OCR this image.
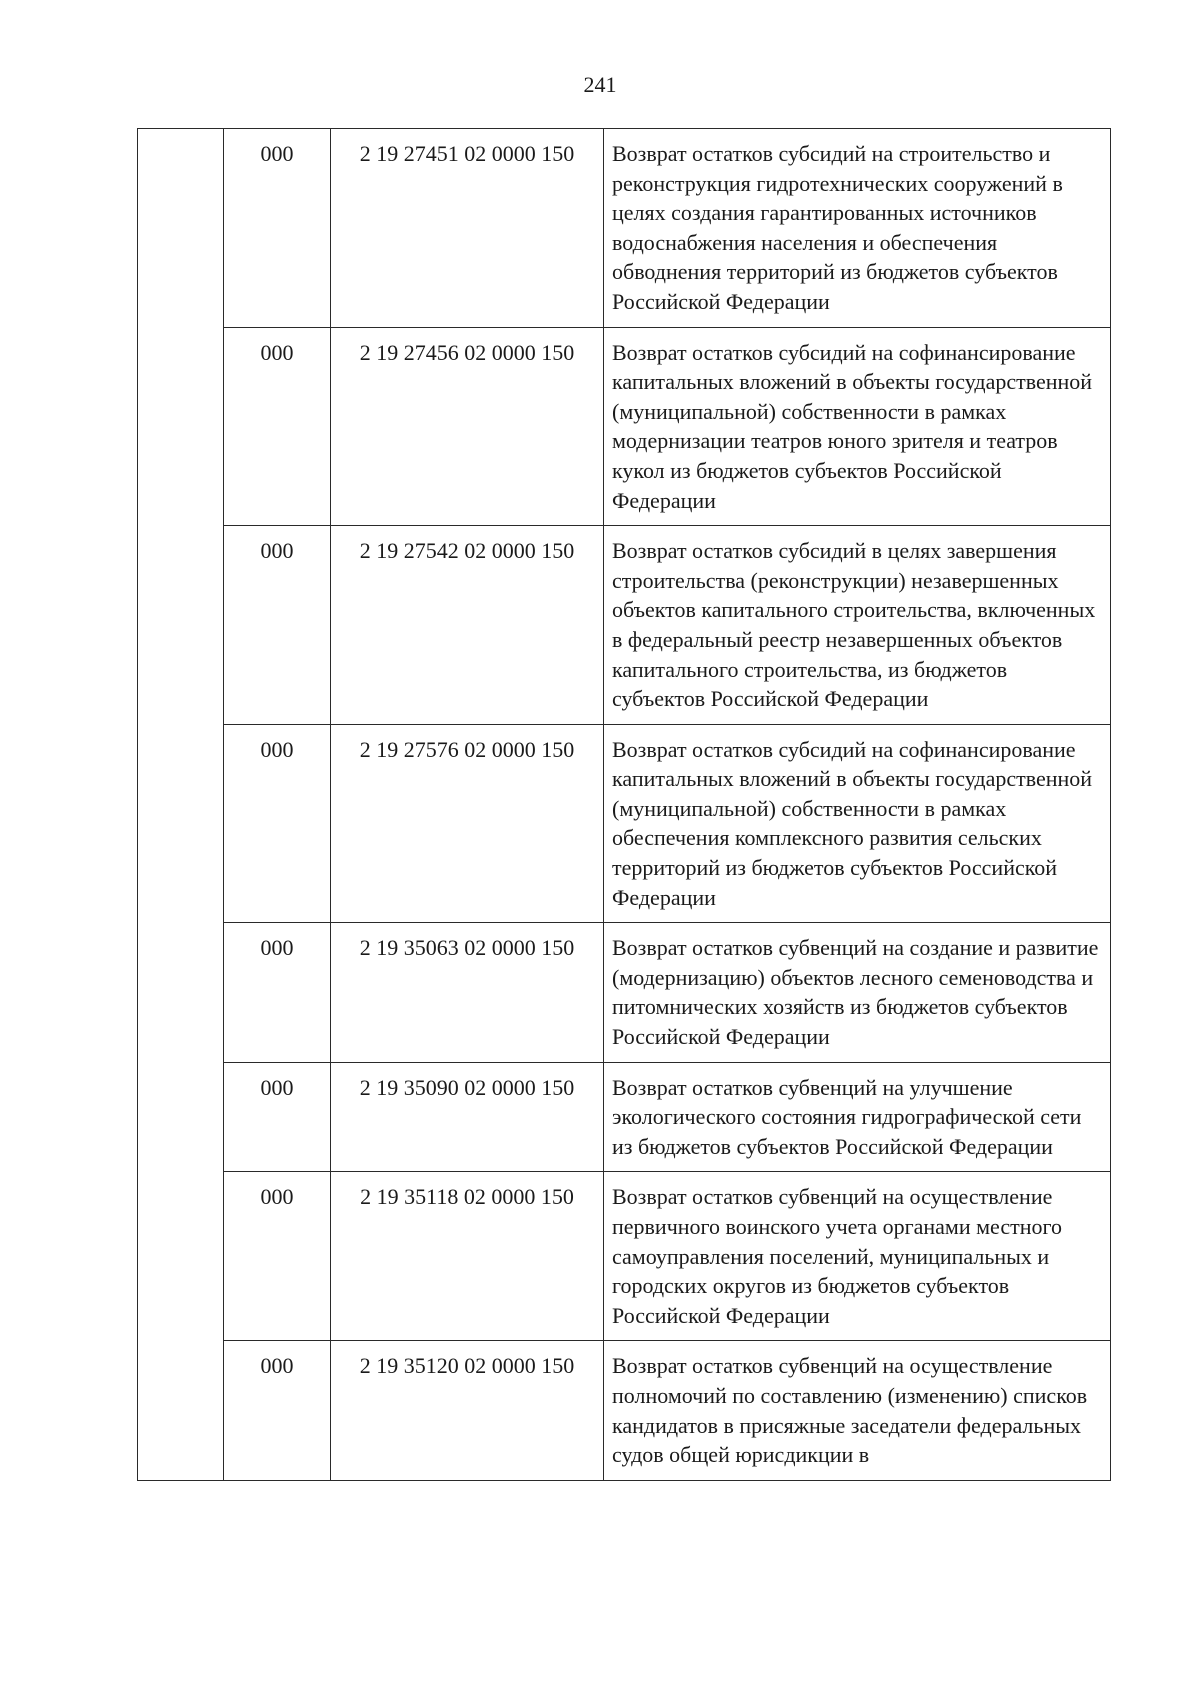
241
	000	2 19 27451 02 0000 150	Возврат остатков субсидий на строительство и реконструкция гидротехнических сооружений в целях создания гарантированных источников водоснабжения населения и обеспечения обводнения территорий из бюджетов субъектов Российской Федерации
	000	2 19 27456 02 0000 150	Возврат остатков субсидий на софинансирование капитальных вложений в объекты государственной (муниципальной) собственности в рамках модернизации театров юного зрителя и театров кукол из бюджетов субъектов Российской Федерации
	000	2 19 27542 02 0000 150	Возврат остатков субсидий в целях завершения строительства (реконструкции) незавершенных объектов капитального строительства, включенных в федеральный реестр незавершенных объектов капитального строительства, из бюджетов субъектов Российской Федерации
	000	2 19 27576 02 0000 150	Возврат остатков субсидий на софинансирование капитальных вложений в объекты государственной (муниципальной) собственности в рамках обеспечения комплексного развития сельских территорий из бюджетов субъектов Российской Федерации
	000	2 19 35063 02 0000 150	Возврат остатков субвенций на создание и развитие (модернизацию) объектов лесного семеноводства и питомнических хозяйств из бюджетов субъектов Российской Федерации
	000	2 19 35090 02 0000 150	Возврат остатков субвенций на улучшение экологического состояния гидрографической сети из бюджетов субъектов Российской Федерации
	000	2 19 35118 02 0000 150	Возврат остатков субвенций на осуществление первичного воинского учета органами местного самоуправления поселений, муниципальных и городских округов из бюджетов субъектов Российской Федерации
	000	2 19 35120 02 0000 150	Возврат остатков субвенций на осуществление полномочий по составлению (изменению) списков кандидатов в присяжные заседатели федеральных судов общей юрисдикции в
